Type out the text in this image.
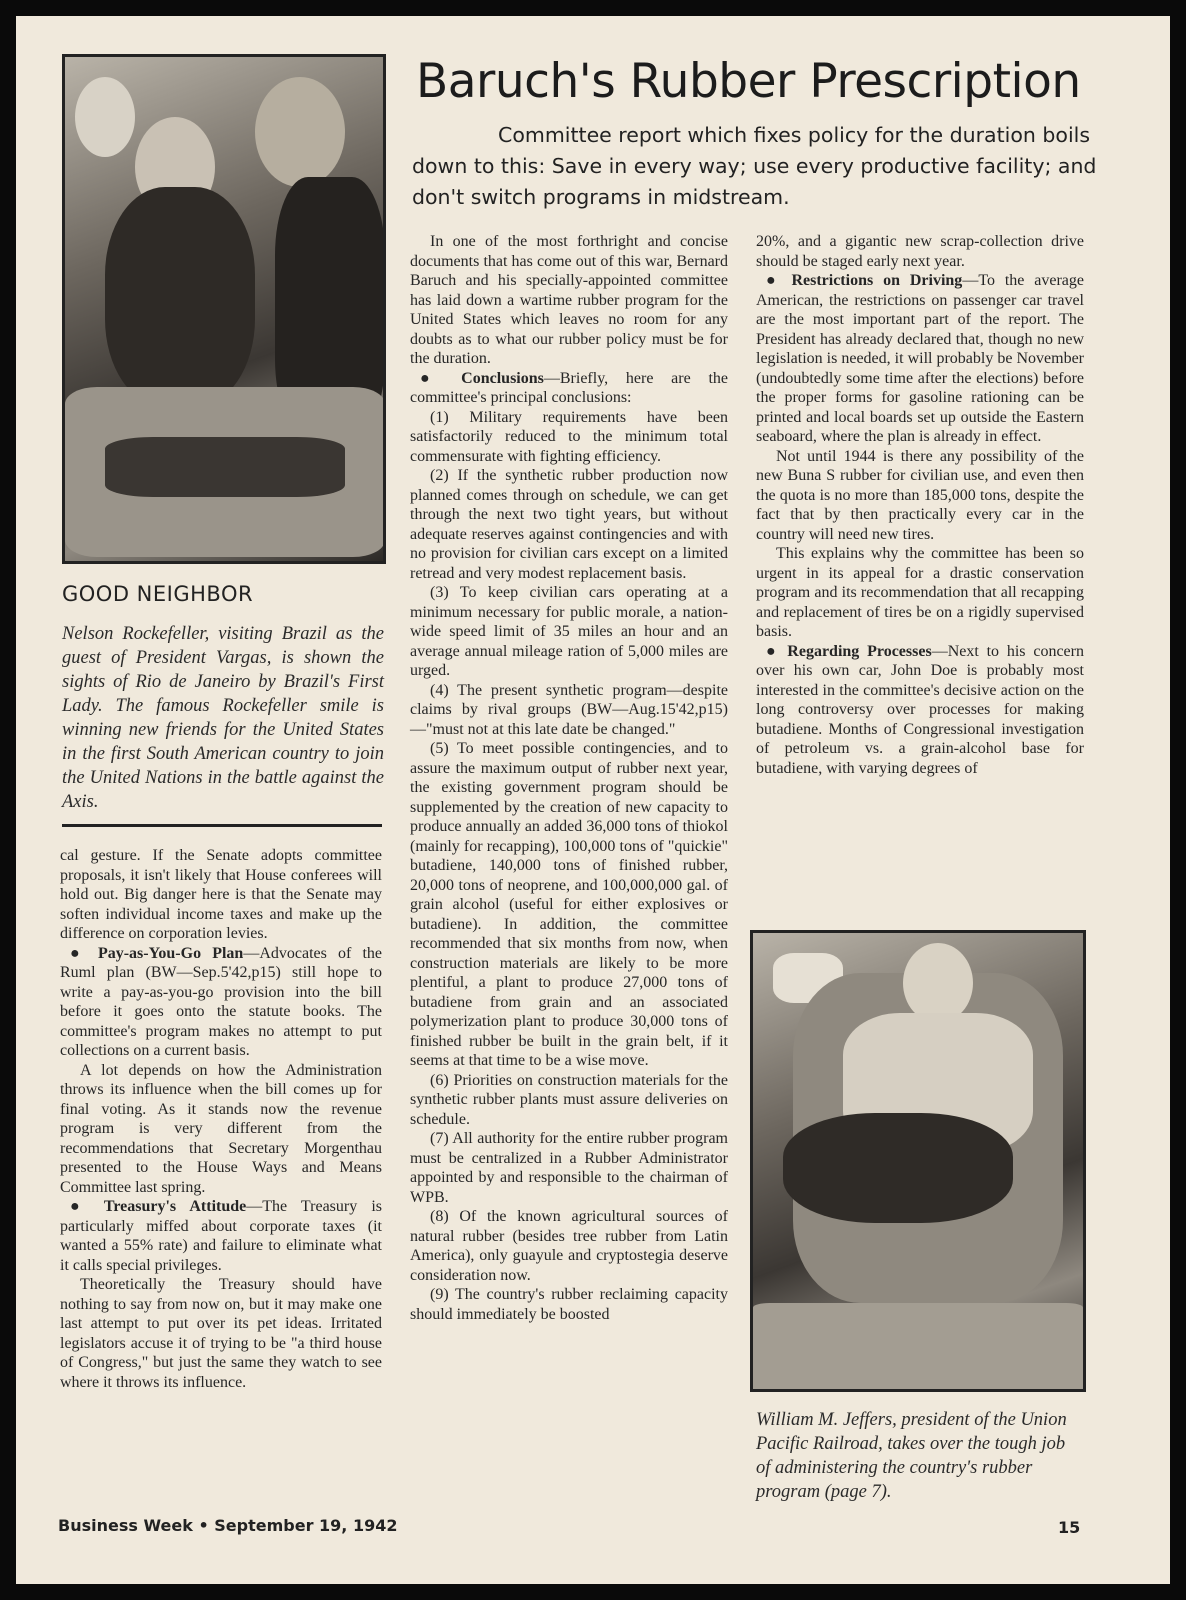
Baruch's Rubber Prescription
Committee report which fixes policy for the duration boils down to this: Save in every way; use every productive facility; and don't switch programs in midstream.
GOOD NEIGHBOR
Nelson Rockefeller, visiting Brazil as the guest of President Vargas, is shown the sights of Rio de Janeiro by Brazil's First Lady. The famous Rockefeller smile is winning new friends for the United States in the first South American country to join the United Nations in the battle against the Axis.

cal gesture. If the Senate adopts committee proposals, it isn't likely that House conferees will hold out. Big danger here is that the Senate may soften individual income taxes and make up the difference on corporation levies.

● Pay-as-You-Go Plan—Advocates of the Ruml plan (BW—Sep.5'42,p15) still hope to write a pay-as-you-go provision into the bill before it goes onto the statute books. The committee's program makes no attempt to put collections on a current basis.

A lot depends on how the Administration throws its influence when the bill comes up for final voting. As it stands now the revenue program is very different from the recommendations that Secretary Morgenthau presented to the House Ways and Means Committee last spring.

● Treasury's Attitude—The Treasury is particularly miffed about corporate taxes (it wanted a 55% rate) and failure to eliminate what it calls special privileges.

Theoretically the Treasury should have nothing to say from now on, but it may make one last attempt to put over its pet ideas. Irritated legislators accuse it of trying to be "a third house of Congress," but just the same they watch to see where it throws its influence.

In one of the most forthright and concise documents that has come out of this war, Bernard Baruch and his specially-appointed committee has laid down a wartime rubber program for the United States which leaves no room for any doubts as to what our rubber policy must be for the duration.

● Conclusions—Briefly, here are the committee's principal conclusions:

(1) Military requirements have been satisfactorily reduced to the minimum total commensurate with fighting efficiency.

(2) If the synthetic rubber production now planned comes through on schedule, we can get through the next two tight years, but without adequate reserves against contingencies and with no provision for civilian cars except on a limited retread and very modest replacement basis.

(3) To keep civilian cars operating at a minimum necessary for public morale, a nation-wide speed limit of 35 miles an hour and an average annual mileage ration of 5,000 miles are urged.

(4) The present synthetic program—despite claims by rival groups (BW—Aug.15'42,p15)—"must not at this late date be changed."

(5) To meet possible contingencies, and to assure the maximum output of rubber next year, the existing government program should be supplemented by the creation of new capacity to produce annually an added 36,000 tons of thiokol (mainly for recapping), 100,000 tons of "quickie" butadiene, 140,000 tons of finished rubber, 20,000 tons of neoprene, and 100,000,000 gal. of grain alcohol (useful for either explosives or butadiene). In addition, the committee recommended that six months from now, when construction materials are likely to be more plentiful, a plant to produce 27,000 tons of butadiene from grain and an associated polymerization plant to produce 30,000 tons of finished rubber be built in the grain belt, if it seems at that time to be a wise move.

(6) Priorities on construction materials for the synthetic rubber plants must assure deliveries on schedule.

(7) All authority for the entire rubber program must be centralized in a Rubber Administrator appointed by and responsible to the chairman of WPB.

(8) Of the known agricultural sources of natural rubber (besides tree rubber from Latin America), only guayule and cryptostegia deserve consideration now.

(9) The country's rubber reclaiming capacity should immediately be boosted

20%, and a gigantic new scrap-collection drive should be staged early next year.

● Restrictions on Driving—To the average American, the restrictions on passenger car travel are the most important part of the report. The President has already declared that, though no new legislation is needed, it will probably be November (undoubtedly some time after the elections) before the proper forms for gasoline rationing can be printed and local boards set up outside the Eastern seaboard, where the plan is already in effect.

Not until 1944 is there any possibility of the new Buna S rubber for civilian use, and even then the quota is no more than 185,000 tons, despite the fact that by then practically every car in the country will need new tires.

This explains why the committee has been so urgent in its appeal for a drastic conservation program and its recommendation that all recapping and replacement of tires be on a rigidly supervised basis.

● Regarding Processes—Next to his concern over his own car, John Doe is probably most interested in the committee's decisive action on the long controversy over processes for making butadiene. Months of Congressional investigation of petroleum vs. a grain-alcohol base for butadiene, with varying degrees of

William M. Jeffers, president of the Union Pacific Railroad, takes over the tough job of administering the country's rubber program (page 7).
Business Week • September 19, 1942	15
